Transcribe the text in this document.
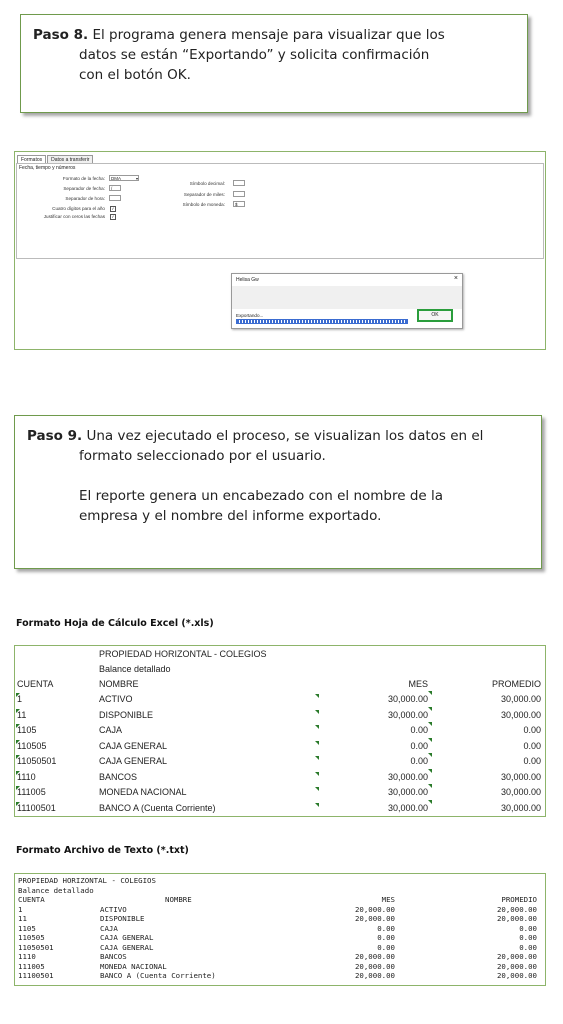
Paso 8. El programa genera mensaje para visualizar que los
datos se están “Exportando” y solicita confirmación
con el botón OK.
Formatos	Datos a transferir
Fecha, tiempo y números
Formato de la fecha:	DMA	▾
Separador de fecha:	/
Separador de hora:
Cuatro dígitos para el año	✓
Justificar con ceros las fechas	✓
Símbolo decimal:
Separador de miles:
Símbolo de moneda:	$
Helisa Gw	×
Exportando...	OK
Paso 9. Una vez ejecutado el proceso, se visualizan los datos en el
formato seleccionado por el usuario.
El reporte genera un encabezado con el nombre de la
empresa y el nombre del informe exportado.
Formato Hoja de Cálculo Excel (*.xls)
PROPIEDAD HORIZONTAL - COLEGIOS
Balance detallado
CUENTA	NOMBRE	MES	PROMEDIO
1	ACTIVO	30,000.00	30,000.00
11	DISPONIBLE	30,000.00	30,000.00
1105	CAJA	0.00	0.00
110505	CAJA GENERAL	0.00	0.00
11050501	CAJA GENERAL	0.00	0.00
1110	BANCOS	30,000.00	30,000.00
111005	MONEDA NACIONAL	30,000.00	30,000.00
11100501	BANCO A (Cuenta Corriente)	30,000.00	30,000.00
Formato Archivo de Texto (*.txt)
PROPIEDAD HORIZONTAL - COLEGIOS
Balance detallado
CUENTA	NOMBRE	MES	PROMEDIO
1	ACTIVO	20,000.00	20,000.00
11	DISPONIBLE	20,000.00	20,000.00
1105	CAJA	0.00	0.00
110505	CAJA GENERAL	0.00	0.00
11050501	CAJA GENERAL	0.00	0.00
1110	BANCOS	20,000.00	20,000.00
111005	MONEDA NACIONAL	20,000.00	20,000.00
11100501	BANCO A (Cuenta Corriente)	20,000.00	20,000.00
